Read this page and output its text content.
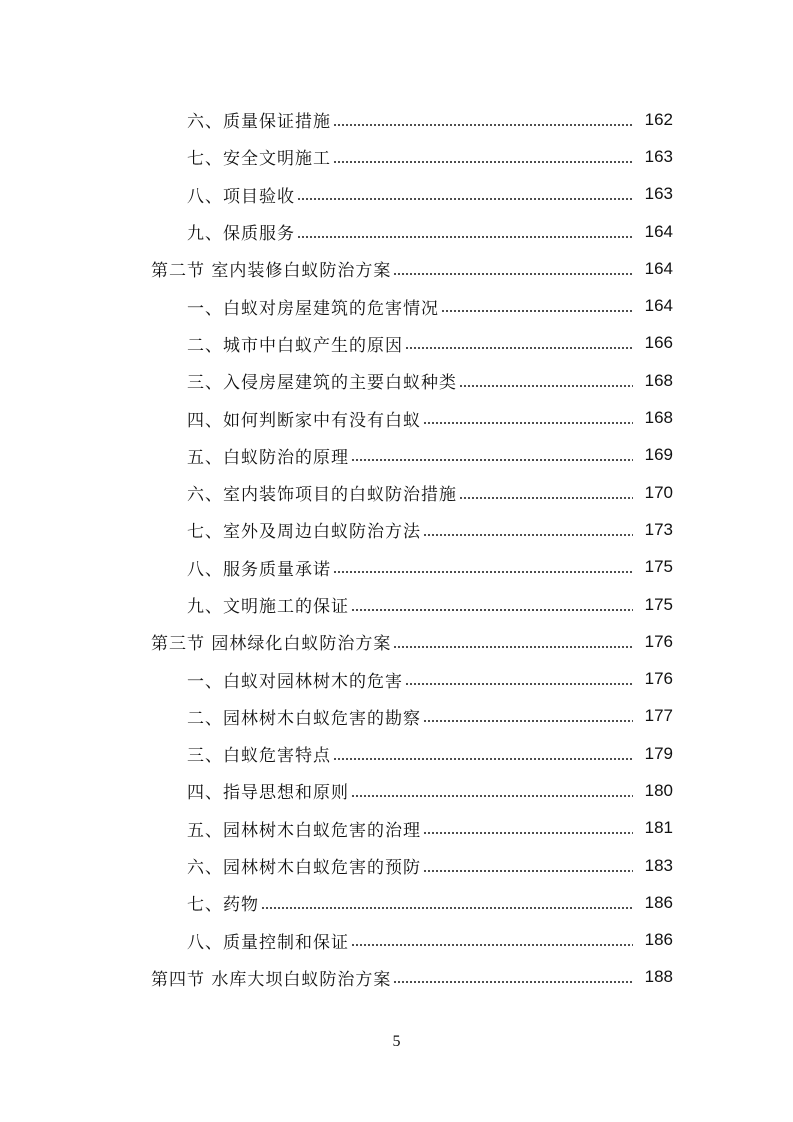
六、质量保证措施	162
七、安全文明施工	163
八、项目验收	163
九、保质服务	164
第二节 室内装修白蚁防治方案	164
一、白蚁对房屋建筑的危害情况	164
二、城市中白蚁产生的原因	166
三、入侵房屋建筑的主要白蚁种类	168
四、如何判断家中有没有白蚁	168
五、白蚁防治的原理	169
六、室内装饰项目的白蚁防治措施	170
七、室外及周边白蚁防治方法	173
八、服务质量承诺	175
九、文明施工的保证	175
第三节 园林绿化白蚁防治方案	176
一、白蚁对园林树木的危害	176
二、园林树木白蚁危害的勘察	177
三、白蚁危害特点	179
四、指导思想和原则	180
五、园林树木白蚁危害的治理	181
六、园林树木白蚁危害的预防	183
七、药物	186
八、质量控制和保证	186
第四节 水库大坝白蚁防治方案	188
5
